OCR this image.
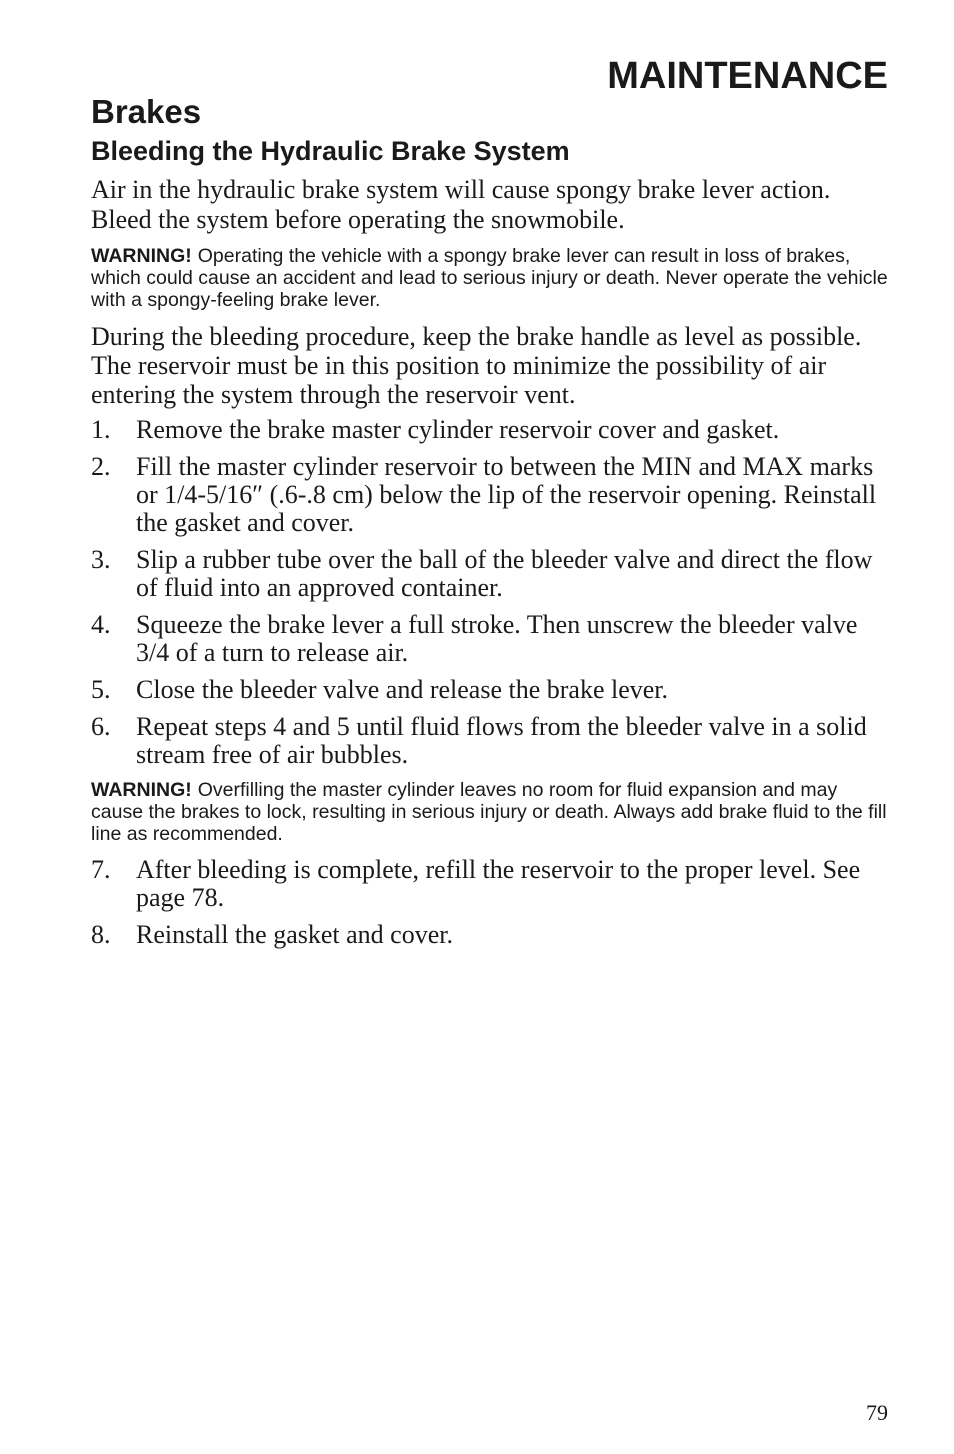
MAINTENANCE
Brakes
Bleeding the Hydraulic Brake System

Air in the hydraulic brake system will cause spongy brake lever action. Bleed the system before operating the snowmobile.

WARNING! Operating the vehicle with a spongy brake lever can result in loss of brakes, which could cause an accident and lead to serious injury or death. Never operate the vehicle with a spongy-feeling brake lever.

During the bleeding procedure, keep the brake handle as level as possible. The reservoir must be in this position to minimize the possibility of air entering the system through the reservoir vent.

1. Remove the brake master cylinder reservoir cover and gasket.
2. Fill the master cylinder reservoir to between the MIN and MAX marks or 1/4-5/16″ (.6-.8 cm) below the lip of the reservoir opening. Reinstall the gasket and cover.
3. Slip a rubber tube over the ball of the bleeder valve and direct the flow of fluid into an approved container.
4. Squeeze the brake lever a full stroke. Then unscrew the bleeder valve 3/4 of a turn to release air.
5. Close the bleeder valve and release the brake lever.
6. Repeat steps 4 and 5 until fluid flows from the bleeder valve in a solid stream free of air bubbles.
WARNING! Overfilling the master cylinder leaves no room for fluid expansion and may cause the brakes to lock, resulting in serious injury or death. Always add brake fluid to the fill line as recommended.
7. After bleeding is complete, refill the reservoir to the proper level. See page 78.
8. Reinstall the gasket and cover.
79
